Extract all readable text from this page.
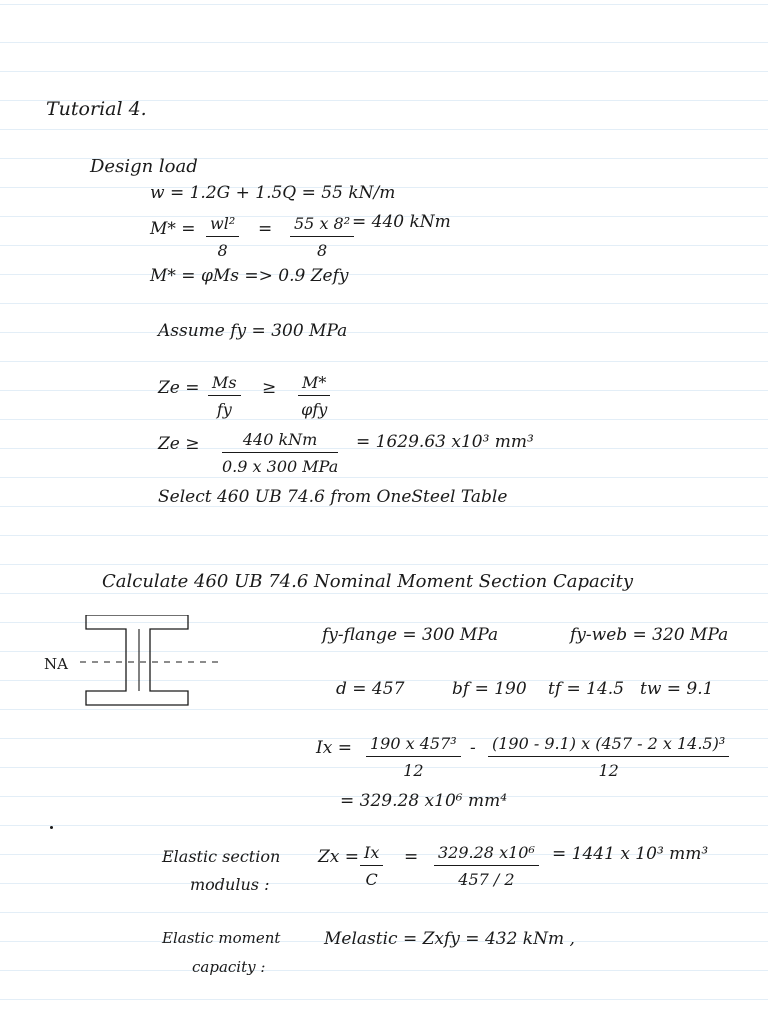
Tutorial 4.
Design load
w = 1.2G + 1.5Q = 55 kN/m
$M* = \frac{\text{wl²}}{8} = \frac{\text{55 x 8²}}{8}$
= 440 kNm
M* = φMs => 0.9 Zefy
Assume fy = 300 MPa
$Ze = \frac{Ms}{fy} \ge M*$
φfy
Ze ≥	440 kNm
0.9 x 300 MPa
= 1629.63 x10³ mm³
Select 460 UB 74.6 from OneSteel Table
Calculate 460 UB 74.6 Nominal Moment Section Capacity
NA
fy-flange = 300 MPa	fy-web = 320 MPa
d = 457	bf = 190 tf = 14.5 tw = 9.1
$Ix = \frac{\text{190 x 457³}}{12} - \frac{\text{(190 - 9.1) x (457 - 2 x 14.5)³}}{12}$
= 329.28 x10⁶ mm⁴
Elastic section
modulus :
$Zx = \frac{Ix}{C} = \frac{\text{329.28 x10⁶}}{457 / 2} = 1441$ x 10³ mm³
Elastic moment
capacity :
Melastic = Zxfy = 432 kNm ,
